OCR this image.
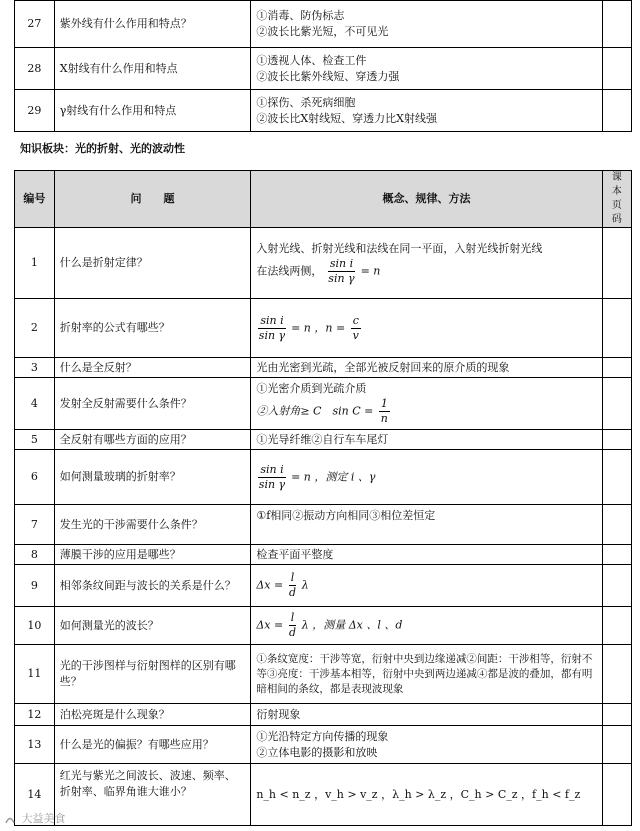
27	紫外线有什么作用和特点？	①消毒、防伪标志
②波长比紫光短，不可见光	

28	X射线有什么作用和特点	①透视人体、检查工件
②波长比紫外线短、穿透力强	

29	γ射线有什么作用和特点	①探伤、杀死病细胞
②波长比X射线短、穿透力比X射线强	

知识板块：光的折射、光的波动性
编号	问　　题	概念、规律、方法	课本页码
1	什么是折射定律？	入射光线、折射光线和法线在同一平面，入射光线折射光线
在法线两侧， $\frac{\text{sin i}}{\text{sin γ}} = n$	
2	折射率的公式有哪些？	$\frac{\text{sin i}}{\text{sin γ}} = n$ ，$n = \frac{c}{v}$

3	什么是全反射？	光由光密到光疏，全部光被反射回来的原介质的现象	
4	发射全反射需要什么条件？	①光密介质到光疏介质
②入射角≥ C　$\sin C = \frac{1}{n}$

5	全反射有哪些方面的应用？	①光导纤维②自行车车尾灯	
6	如何测量玻璃的折射率？	$\frac{\text{sin i}}{\text{sin γ}} = n$ ，测定 i 、γ	
7	发生光的干涉需要什么条件？	①f相同②振动方向相同③相位差恒定	
8	薄膜干涉的应用是哪些？	检查平面平整度	
9	相邻条纹间距与波长的关系是什么？	$\Delta x = \frac{l}{d}$ λ	
10	如何测量光的波长？	$\Delta x = \frac{l}{d}$ λ ，测量 Δx 、l 、d	
11	光的干涉图样与衍射图样的区别有哪些？	①条纹宽度：干涉等宽，衍射中央到边缘递减②间距：干涉相等，衍射不等③亮度：干涉基本相等，衍射中央到两边递减④都是波的叠加，都有明暗相间的条纹，都是表现波现象	
12	泊松亮斑是什么现象？	衍射现象	
13	什么是光的偏振？有哪些应用？	①光沿特定方向传播的现象
②立体电影的摄影和放映	

14	红光与紫光之间波长、波速、频率、折射率、临界角谁大谁小？	n_h < n_z ，v_h > v_z ，λ_h > λ_z ，C_h > C_z ，f_h < f_z	
大益美食
